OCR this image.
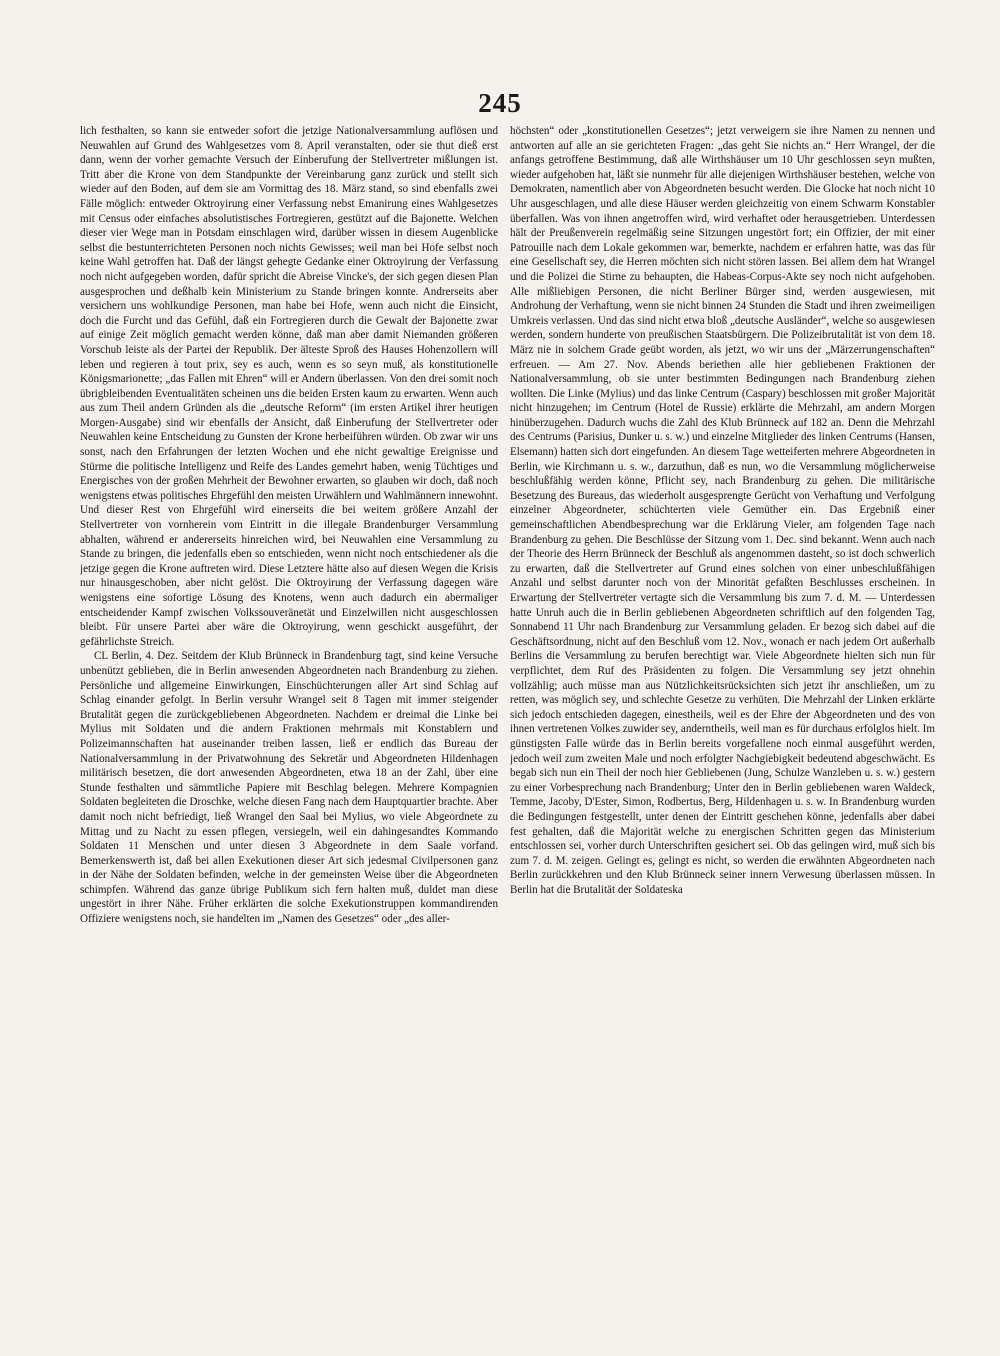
245

lich festhalten, so kann sie entweder sofort die jetzige Nationalversammlung auflösen und Neuwahlen auf Grund des Wahlgesetzes vom 8. April veranstalten, oder sie thut dieß erst dann, wenn der vorher gemachte Versuch der Einberufung der Stellvertreter mißlungen ist. Tritt aber die Krone von dem Standpunkte der Vereinbarung ganz zurück und stellt sich wieder auf den Boden, auf dem sie am Vormittag des 18. März stand, so sind ebenfalls zwei Fälle möglich: entweder Oktroyirung einer Verfassung nebst Emanirung eines Wahlgesetzes mit Census oder einfaches absolutistisches Fortregieren, gestützt auf die Bajonette. Welchen dieser vier Wege man in Potsdam einschlagen wird, darüber wissen in diesem Augenblicke selbst die bestunterrichteten Personen noch nichts Gewisses; weil man bei Hofe selbst noch keine Wahl getroffen hat. Daß der längst gehegte Gedanke einer Oktroyirung der Verfassung noch nicht aufgegeben worden, dafür spricht die Abreise Vincke's, der sich gegen diesen Plan ausgesprochen und deßhalb kein Ministerium zu Stande bringen konnte. Andrerseits aber versichern uns wohlkundige Personen, man habe bei Hofe, wenn auch nicht die Einsicht, doch die Furcht und das Gefühl, daß ein Fortregieren durch die Gewalt der Bajonette zwar auf einige Zeit möglich gemacht werden könne, daß man aber damit Niemanden größeren Vorschub leiste als der Partei der Republik. Der älteste Sproß des Hauses Hohenzollern will leben und regieren à tout prix, sey es auch, wenn es so seyn muß, als konstitutionelle Königsmarionette; „das Fallen mit Ehren“ will er Andern überlassen. Von den drei somit noch übrigbleibenden Eventualitäten scheinen uns die beiden Ersten kaum zu erwarten. Wenn auch aus zum Theil andern Gründen als die „deutsche Reform“ (im ersten Artikel ihrer heutigen Morgen-Ausgabe) sind wir ebenfalls der Ansicht, daß Einberufung der Stellvertreter oder Neuwahlen keine Entscheidung zu Gunsten der Krone herbeiführen würden. Ob zwar wir uns sonst, nach den Erfahrungen der letzten Wochen und ehe nicht gewaltige Ereignisse und Stürme die politische Intelligenz und Reife des Landes gemehrt haben, wenig Tüchtiges und Energisches von der großen Mehrheit der Bewohner erwarten, so glauben wir doch, daß noch wenigstens etwas politisches Ehrgefühl den meisten Urwählern und Wahlmännern innewohnt. Und dieser Rest von Ehrgefühl wird einerseits die bei weitem größere Anzahl der Stellvertreter von vornherein vom Eintritt in die illegale Brandenburger Versammlung abhalten, während er andererseits hinreichen wird, bei Neuwahlen eine Versammlung zu Stande zu bringen, die jedenfalls eben so entschieden, wenn nicht noch entschiedener als die jetzige gegen die Krone auftreten wird. Diese Letztere hätte also auf diesen Wegen die Krisis nur hinausgeschoben, aber nicht gelöst. Die Oktroyirung der Verfassung dagegen wäre wenigstens eine sofortige Lösung des Knotens, wenn auch dadurch ein abermaliger entscheidender Kampf zwischen Volkssouveränetät und Einzelwillen nicht ausgeschlossen bleibt. Für unsere Partei aber wäre die Oktroyirung, wenn geschickt ausgeführt, der gefährlichste Streich.

CL Berlin, 4. Dez. Seitdem der Klub Brünneck in Brandenburg tagt, sind keine Versuche unbenützt geblieben, die in Berlin anwesenden Abgeordneten nach Brandenburg zu ziehen. Persönliche und allgemeine Einwirkungen, Einschüchterungen aller Art sind Schlag auf Schlag einander gefolgt. In Berlin versuhr Wrangel seit 8 Tagen mit immer steigender Brutalität gegen die zurückgebliebenen Abgeordneten. Nachdem er dreimal die Linke bei Mylius mit Soldaten und die andern Fraktionen mehrmals mit Konstablern und Polizeimannschaften hat auseinander treiben lassen, ließ er endlich das Bureau der Nationalversammlung in der Privatwohnung des Sekretär und Abgeordneten Hildenhagen militärisch besetzen, die dort anwesenden Abgeordneten, etwa 18 an der Zahl, über eine Stunde festhalten und sämmtliche Papiere mit Beschlag belegen. Mehrere Kompagnien Soldaten begleiteten die Droschke, welche diesen Fang nach dem Hauptquartier brachte. Aber damit noch nicht befriedigt, ließ Wrangel den Saal bei Mylius, wo viele Abgeordnete zu Mittag und zu Nacht zu essen pflegen, versiegeln, weil ein dahingesandtes Kommando Soldaten 11 Menschen und unter diesen 3 Abgeordnete in dem Saale vorfand. Bemerkenswerth ist, daß bei allen Exekutionen dieser Art sich jedesmal Civilpersonen ganz in der Nähe der Soldaten befinden, welche in der gemeinsten Weise über die Abgeordneten schimpfen. Während das ganze übrige Publikum sich fern halten muß, duldet man diese ungestört in ihrer Nähe. Früher erklärten die solche Exekutionstruppen kommandirenden Offiziere wenigstens noch, sie handelten im „Namen des Gesetzes“ oder „des aller-

höchsten“ oder „konstitutionellen Gesetzes“; jetzt verweigern sie ihre Namen zu nennen und antworten auf alle an sie gerichteten Fragen: „das geht Sie nichts an.“ Herr Wrangel, der die anfangs getroffene Bestimmung, daß alle Wirthshäuser um 10 Uhr geschlossen seyn mußten, wieder aufgehoben hat, läßt sie nunmehr für alle diejenigen Wirthshäuser bestehen, welche von Demokraten, namentlich aber von Abgeordneten besucht werden. Die Glocke hat noch nicht 10 Uhr ausgeschlagen, und alle diese Häuser werden gleichzeitig von einem Schwarm Konstabler überfallen. Was von ihnen angetroffen wird, wird verhaftet oder herausgetrieben. Unterdessen hält der Preußenverein regelmäßig seine Sitzungen ungestört fort; ein Offizier, der mit einer Patrouille nach dem Lokale gekommen war, bemerkte, nachdem er erfahren hatte, was das für eine Gesellschaft sey, die Herren möchten sich nicht stören lassen. Bei allem dem hat Wrangel und die Polizei die Stirne zu behaupten, die Habeas-Corpus-Akte sey noch nicht aufgehoben. Alle mißliebigen Personen, die nicht Berliner Bürger sind, werden ausgewiesen, mit Androhung der Verhaftung, wenn sie nicht binnen 24 Stunden die Stadt und ihren zweimeiligen Umkreis verlassen. Und das sind nicht etwa bloß „deutsche Ausländer“, welche so ausgewiesen werden, sondern hunderte von preußischen Staatsbürgern. Die Polizeibrutalität ist von dem 18. März nie in solchem Grade geübt worden, als jetzt, wo wir uns der „Märzerrungenschaften“ erfreuen. — Am 27. Nov. Abends beriethen alle hier gebliebenen Fraktionen der Nationalversammlung, ob sie unter bestimmten Bedingungen nach Brandenburg ziehen wollten. Die Linke (Mylius) und das linke Centrum (Caspary) beschlossen mit großer Majorität nicht hinzugehen; im Centrum (Hotel de Russie) erklärte die Mehrzahl, am andern Morgen hinüberzugehen. Dadurch wuchs die Zahl des Klub Brünneck auf 182 an. Denn die Mehrzahl des Centrums (Parisius, Dunker u. s. w.) und einzelne Mitglieder des linken Centrums (Hansen, Elsemann) hatten sich dort eingefunden. An diesem Tage wetteiferten mehrere Abgeordneten in Berlin, wie Kirchmann u. s. w., darzuthun, daß es nun, wo die Versammlung möglicherweise beschlußfähig werden könne, Pflicht sey, nach Brandenburg zu gehen. Die militärische Besetzung des Bureaus, das wiederholt ausgesprengte Gerücht von Verhaftung und Verfolgung einzelner Abgeordneter, schüchterten viele Gemüther ein. Das Ergebniß einer gemeinschaftlichen Abendbesprechung war die Erklärung Vieler, am folgenden Tage nach Brandenburg zu gehen. Die Beschlüsse der Sitzung vom 1. Dec. sind bekannt. Wenn auch nach der Theorie des Herrn Brünneck der Beschluß als angenommen dasteht, so ist doch schwerlich zu erwarten, daß die Stellvertreter auf Grund eines solchen von einer unbeschlußfähigen Anzahl und selbst darunter noch von der Minorität gefaßten Beschlusses erscheinen. In Erwartung der Stellvertreter vertagte sich die Versammlung bis zum 7. d. M. — Unterdessen hatte Unruh auch die in Berlin gebliebenen Abgeordneten schriftlich auf den folgenden Tag, Sonnabend 11 Uhr nach Brandenburg zur Versammlung geladen. Er bezog sich dabei auf die Geschäftsordnung, nicht auf den Beschluß vom 12. Nov., wonach er nach jedem Ort außerhalb Berlins die Versammlung zu berufen berechtigt war. Viele Abgeordnete hielten sich nun für verpflichtet, dem Ruf des Präsidenten zu folgen. Die Versammlung sey jetzt ohnehin vollzählig; auch müsse man aus Nützlichkeitsrücksichten sich jetzt ihr anschließen, um zu retten, was möglich sey, und schlechte Gesetze zu verhüten. Die Mehrzahl der Linken erklärte sich jedoch entschieden dagegen, einestheils, weil es der Ehre der Abgeordneten und des von ihnen vertretenen Volkes zuwider sey, anderntheils, weil man es für durchaus erfolglos hielt. Im günstigsten Falle würde das in Berlin bereits vorgefallene noch einmal ausgeführt werden, jedoch weil zum zweiten Male und noch erfolgter Nachgiebigkeit bedeutend abgeschwächt. Es begab sich nun ein Theil der noch hier Gebliebenen (Jung, Schulze Wanzleben u. s. w.) gestern zu einer Vorbesprechung nach Brandenburg; Unter den in Berlin gebliebenen waren Waldeck, Temme, Jacoby, D'Ester, Simon, Rodbertus, Berg, Hildenhagen u. s. w. In Brandenburg wurden die Bedingungen festgestellt, unter denen der Eintritt geschehen könne, jedenfalls aber dabei fest gehalten, daß die Majorität welche zu energischen Schritten gegen das Ministerium entschlossen sei, vorher durch Unterschriften gesichert sei. Ob das gelingen wird, muß sich bis zum 7. d. M. zeigen. Gelingt es, gelingt es nicht, so werden die erwähnten Abgeordneten nach Berlin zurückkehren und den Klub Brünneck seiner innern Verwesung überlassen müssen. In Berlin hat die Brutalität der Soldateska
